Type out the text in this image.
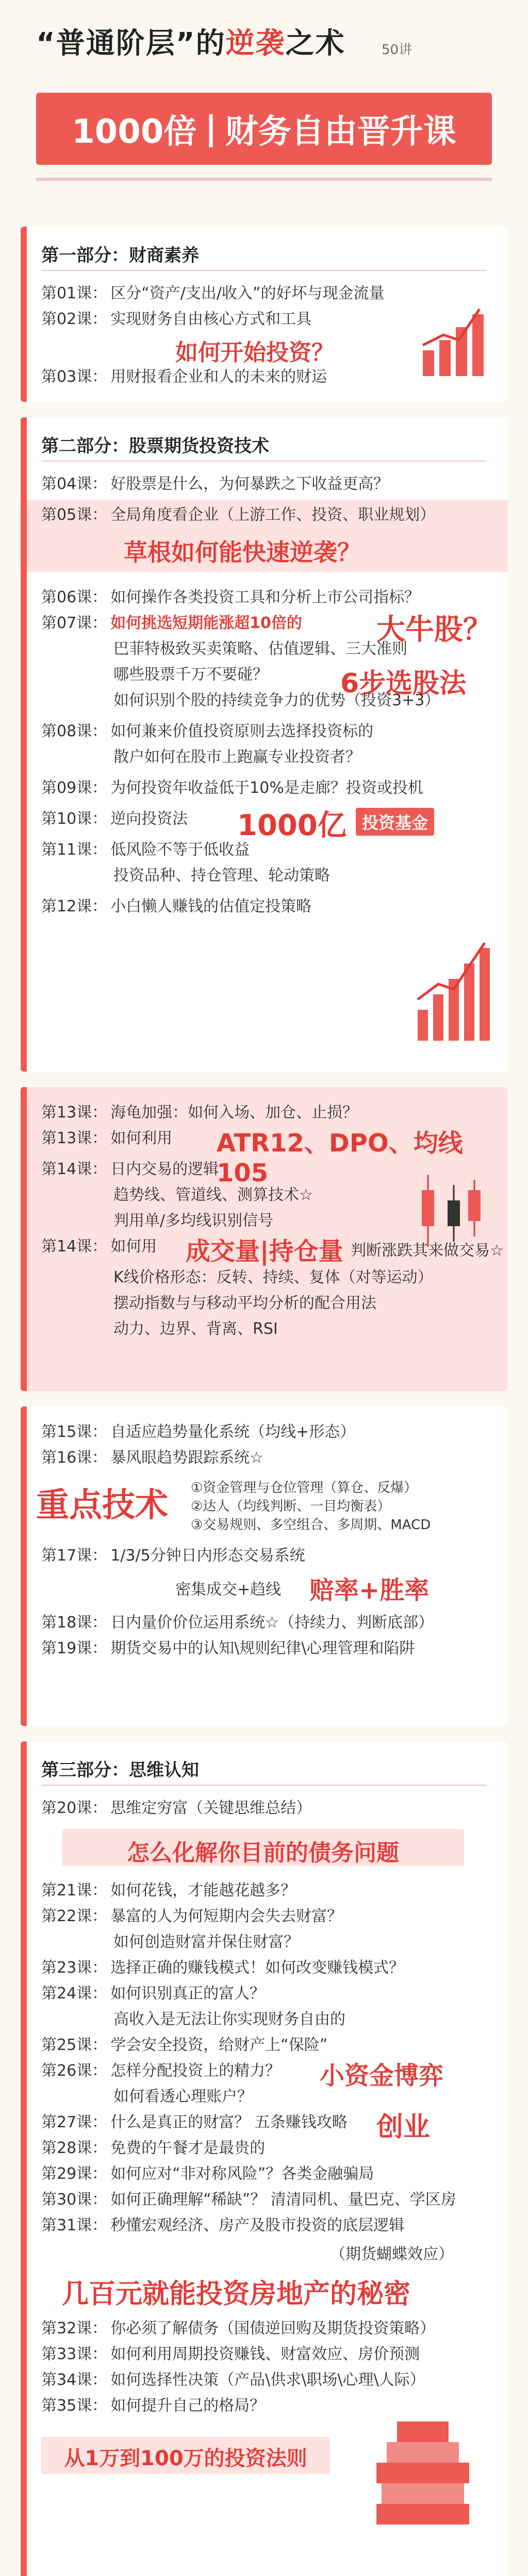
“普通阶层”的逆袭之术	50讲
1000倍 | 财务自由晋升课
第一部分：财商素养
第01课： 区分“资产/支出/收入”的好坏与现金流量
第02课： 实现财务自由核心方式和工具
如何开始投资？
第03课： 用财报看企业和人的未来的财运
第二部分：股票期货投资技术
第04课： 好股票是什么，为何暴跌之下收益更高？
第05课： 全局角度看企业（上游工作、投资、职业规划）
草根如何能快速逆袭？
第06课： 如何操作各类投资工具和分析上市公司指标？
第07课： 如何挑选短期能涨超10倍的	大牛股？
巴菲特极致买卖策略、估值逻辑、三大准则
哪些股票千万不要碰？	6步选股法
如何识别个股的持续竞争力的优势（投资3+3）
第08课： 如何兼来价值投资原则去选择投资标的
散户如何在股市上跑赢专业投资者？
第09课： 为何投资年收益低于10%是走廊？投资或投机
第10课： 逆向投资法	1000亿 投资基金
第11课： 低风险不等于低收益
投资品种、持仓管理、轮动策略
第12课： 小白懒人赚钱的估值定投策略
第13课： 海龟加强：如何入场、加仓、止损？
第13课： 如何利用	ATR12、DPO、均线105
第14课： 日内交易的逻辑
趋势线、管道线、测算技术☆
判用单/多均线识别信号
第14课： 如何用	成交量|持仓量 判断涨跌其来做交易☆
K线价格形态：反转、持续、复体（对等运动）
摆动指数与与移动平均分析的配合用法
动力、边界、背离、RSI
第15课： 自适应趋势量化系统（均线+形态）
第16课： 暴风眼趋势跟踪系统☆
重点技术 ①资金管理与仓位管理（算仓、反爆）
②达人（均线判断、一目均衡表）
③交易规则、多空组合、多周期、MACD
第17课： 1/3/5分钟日内形态交易系统
密集成交+趋线 赔率+胜率
第18课： 日内量价价位运用系统☆（持续力、判断底部）
第19课： 期货交易中的认知\规则纪律\心理管理和陷阱
第三部分：思维认知
第20课： 思维定穷富（关键思维总结）
怎么化解你目前的债务问题
第21课： 如何花钱，才能越花越多？
第22课： 暴富的人为何短期内会失去财富？
如何创造财富并保住财富？
第23课： 选择正确的赚钱模式！如何改变赚钱模式？
第24课： 如何识别真正的富人？
高收入是无法让你实现财务自由的
第25课： 学会安全投资，给财产上“保险”
第26课： 怎样分配投资上的精力？	小资金博弈
如何看透心理账户？
第27课： 什么是真正的财富？ 五条赚钱攻略 创业
第28课： 免费的午餐才是最贵的
第29课： 如何应对“非对称风险”？各类金融骗局
第30课： 如何正确理解“稀缺”？ 清清同机、量巴克、学区房
第31课： 秒懂宏观经济、房产及股市投资的底层逻辑
（期货蝴蝶效应）
几百元就能投资房地产的秘密
第32课： 你必须了解债务（国债逆回购及期货投资策略）
第33课： 如何利用周期投资赚钱、财富效应、房价预测
第34课： 如何选择性决策（产品\供求\职场\心理\人际）
第35课： 如何提升自己的格局？
从1万到100万的投资法则
